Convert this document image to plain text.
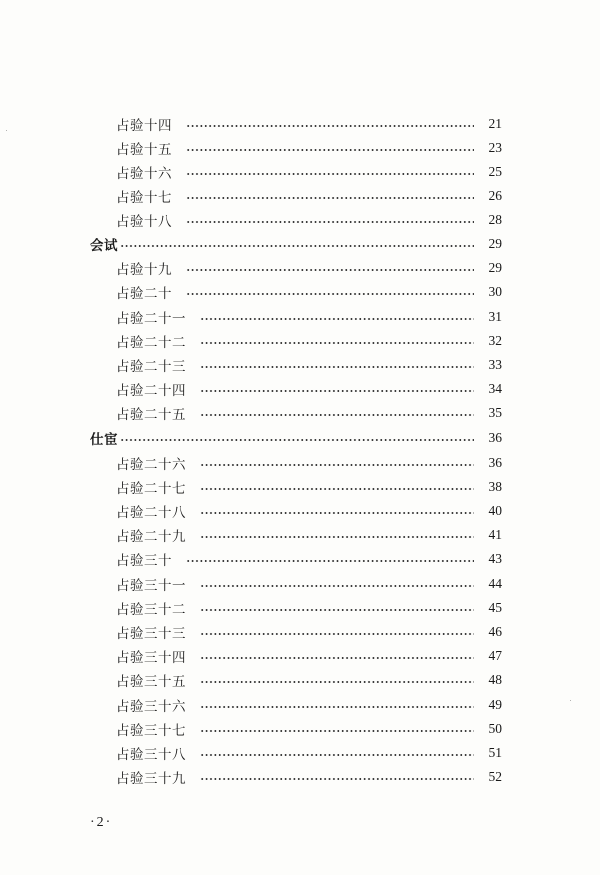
占验十四	21
占验十五	23
占验十六	25
占验十七	26
占验十八	28
会试	29
占验十九	29
占验二十	30
占验二十一	31
占验二十二	32
占验二十三	33
占验二十四	34
占验二十五	35
仕宦	36
占验二十六	36
占验二十七	38
占验二十八	40
占验二十九	41
占验三十	43
占验三十一	44
占验三十二	45
占验三十三	46
占验三十四	47
占验三十五	48
占验三十六	49
占验三十七	50
占验三十八	51
占验三十九	52
·2·
